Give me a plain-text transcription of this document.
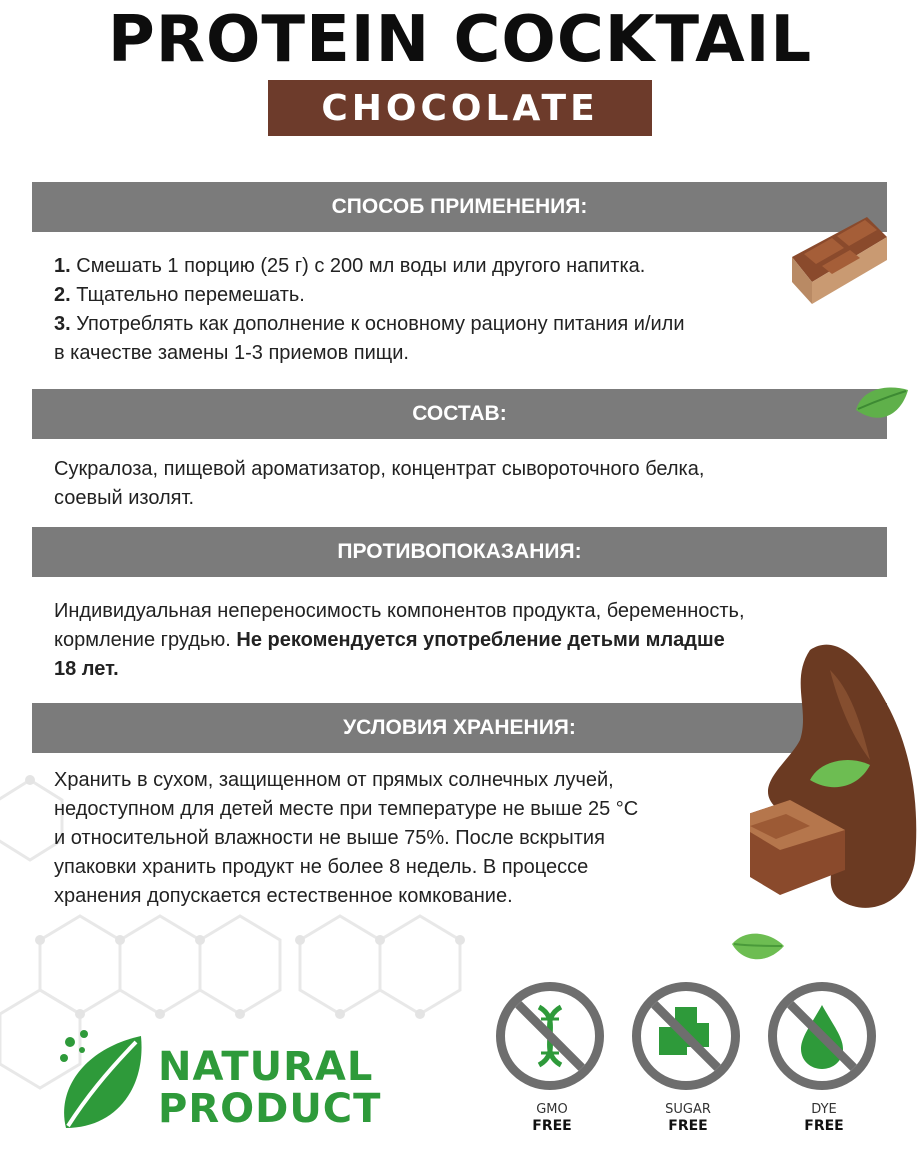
PROTEIN COCKTAIL
CHOCOLATE
СПОСОБ ПРИМЕНЕНИЯ:

1. Смешать 1 порцию (25 г) с 200 мл воды или другого напитка.

2. Тщательно перемешать.

3. Употреблять как дополнение к основному рациону питания и/или

в качестве замены 1-3 приемов пищи.

СОСТАВ:

Сукралоза, пищевой ароматизатор, концентрат сывороточного белка,

соевый изолят.

ПРОТИВОПОКАЗАНИЯ:

Индивидуальная непереносимость компонентов продукта, беременность,

кормление грудью. Не рекомендуется употребление детьми младше

18 лет.

УСЛОВИЯ ХРАНЕНИЯ:

Хранить в сухом, защищенном от прямых солнечных лучей,

недоступном для детей месте при температуре не выше 25 °C

и относительной влажности не выше 75%. После вскрытия

упаковки хранить продукт не более 8 недель. В процессе

хранения допускается естественное комкование.

NATURAL
PRODUCT	GMO
FREE
SUGAR
FREE
DYE
FREE
